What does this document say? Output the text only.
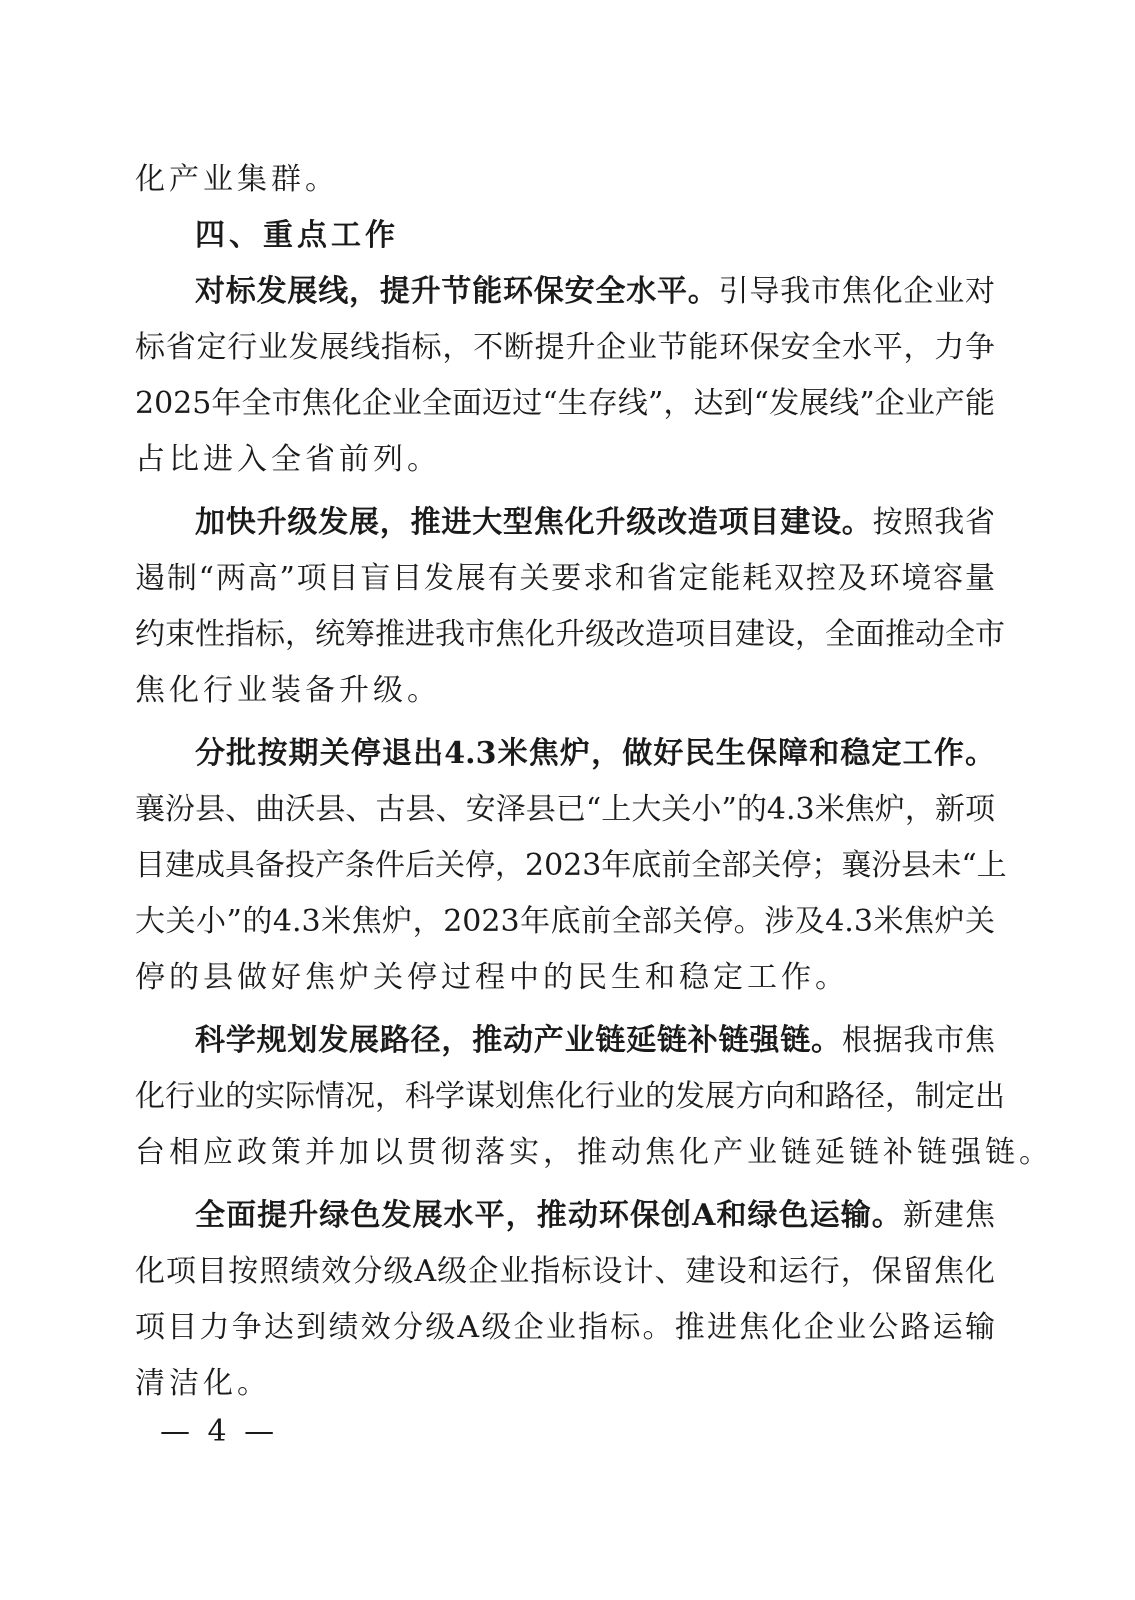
化产业集群。
四、重点工作
对标发展线，提升节能环保安全水平。引导我市焦化企业对
标省定行业发展线指标，不断提升企业节能环保安全水平，力争
2025年全市焦化企业全面迈过“生存线”，达到“发展线”企业产能
占比进入全省前列。
加快升级发展，推进大型焦化升级改造项目建设。按照我省
遏制“两高”项目盲目发展有关要求和省定能耗双控及环境容量
约束性指标，统筹推进我市焦化升级改造项目建设，全面推动全市
焦化行业装备升级。
分批按期关停退出4.3米焦炉，做好民生保障和稳定工作。
襄汾县、曲沃县、古县、安泽县已“上大关小”的4.3米焦炉，新项
目建成具备投产条件后关停，2023年底前全部关停；襄汾县未“上
大关小”的4.3米焦炉，2023年底前全部关停。涉及4.3米焦炉关
停的县做好焦炉关停过程中的民生和稳定工作。
科学规划发展路径，推动产业链延链补链强链。根据我市焦
化行业的实际情况，科学谋划焦化行业的发展方向和路径，制定出
台相应政策并加以贯彻落实，推动焦化产业链延链补链强链。
全面提升绿色发展水平，推动环保创A和绿色运输。新建焦
化项目按照绩效分级A级企业指标设计、建设和运行，保留焦化
项目力争达到绩效分级A级企业指标。推进焦化企业公路运输
清洁化。
— 4 —
